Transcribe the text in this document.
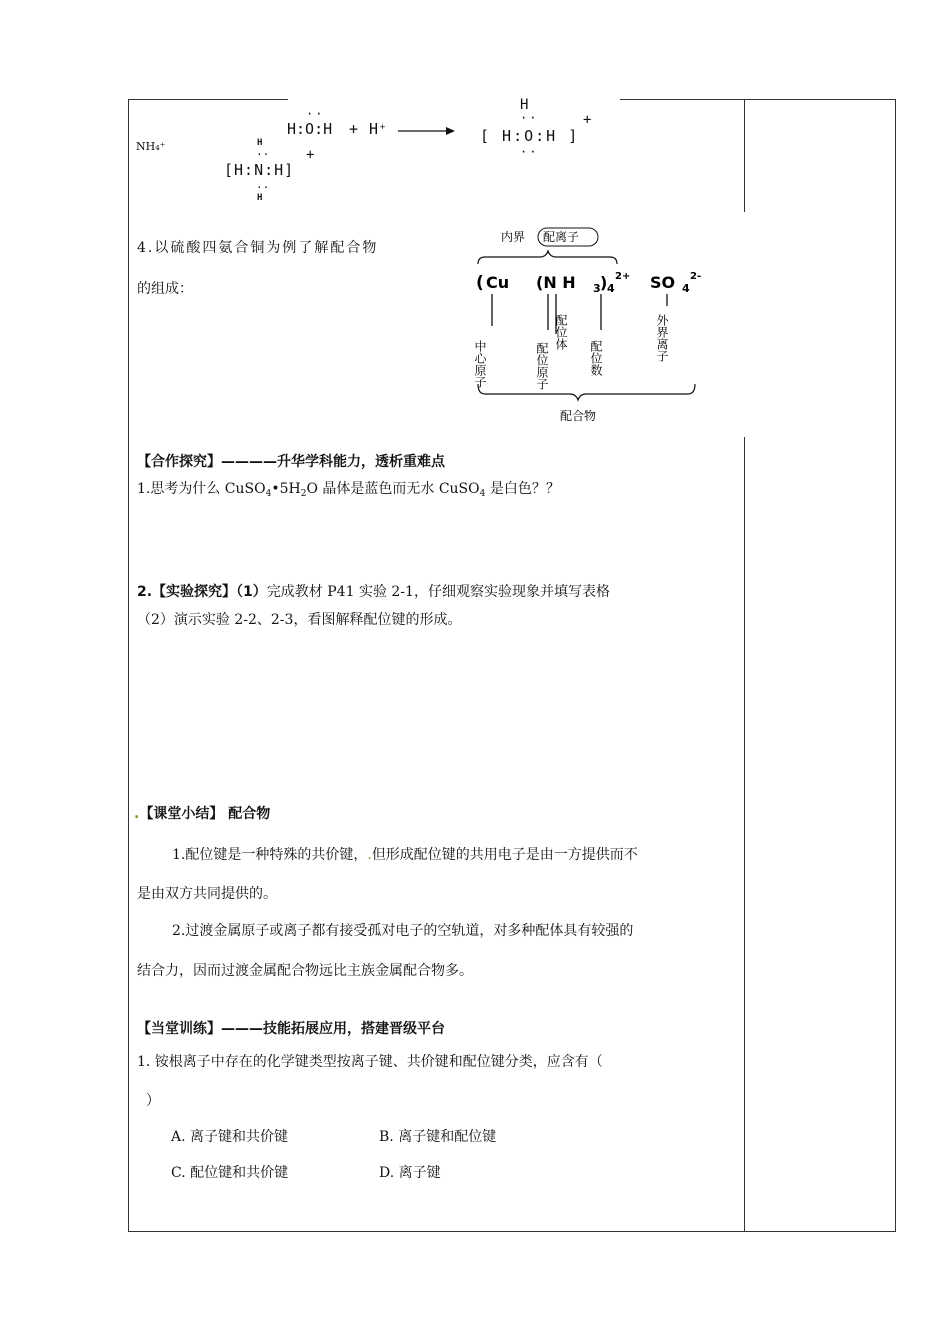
NH₄⁺
··
H:O:H + H⁺ →
H
··
[ H:O:H ]
··
+
H
··
[H:N:H]
··
H
+
4.以硫酸四氨合铜为例了解配合物
的组成：
内界 配离子
( Cu (N H 3 ) 4
2+ SO 4
2-
中心原子	配位原子
配位体
配位数	外界离子
配合物
【合作探究】————升华学科能力，透析重难点
1.思考为什么 $CuSO_4•5H_2O$ 晶体是蓝色而无水 CuSO$_4$ 是白色？？
2.【实验探究】（1）完成教材 P41 实验 2-1，仔细观察实验现象并填写表格
（2）演示实验 2-2、2-3，看图解释配位键的形成。
.【课堂小结】 配合物
1.配位键是一种特殊的共价键，.但形成配位键的共用电子是由一方提供而不
是由双方共同提供的。
2.过渡金属原子或离子都有接受孤对电子的空轨道，对多种配体具有较强的
结合力，因而过渡金属配合物远比主族金属配合物多。
【当堂训练】———技能拓展应用，搭建晋级平台
1. 铵根离子中存在的化学键类型按离子键、共价键和配位键分类，应含有（
）
A. 离子键和共价键	B. 离子键和配位键
C. 配位键和共价键	D. 离子键
